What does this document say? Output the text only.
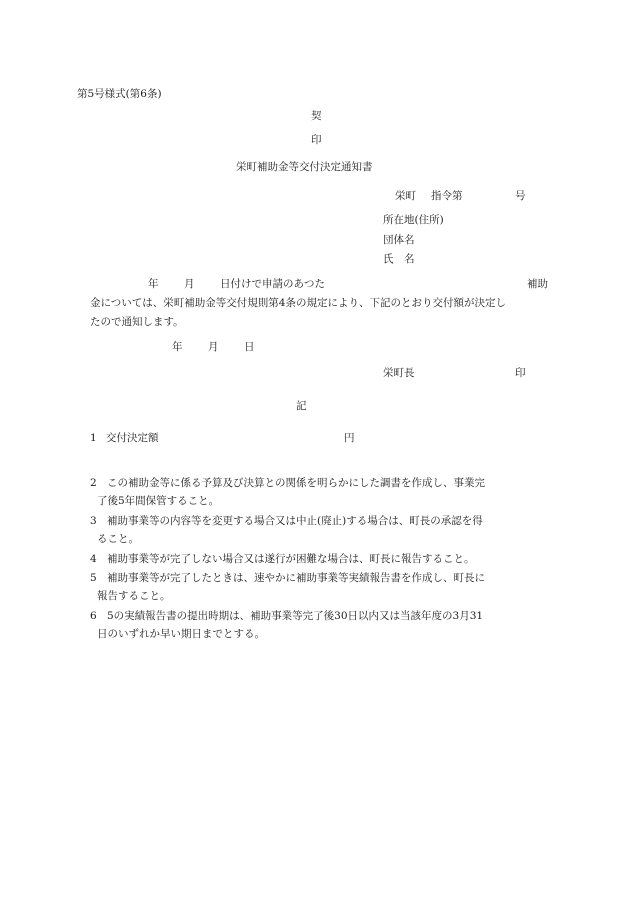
第5号様式(第6条)
契
印
栄町補助金等交付決定通知書
栄町 指令第	号
所在地(住所)
団体名
氏　名
年 月 日付けで申請のあつた	補助
金については、栄町補助金等交付規則第4条の規定により、下記のとおり交付額が決定し
たので通知します。
年 月 日
栄町長	印
記
1 交付決定額	円
2 この補助金等に係る予算及び決算との関係を明らかにした調書を作成し、事業完
了後5年間保管すること。
3 補助事業等の内容等を変更する場合又は中止(廃止)する場合は、町長の承認を得
ること。
4 補助事業等が完了しない場合又は遂行が困難な場合は、町長に報告すること。
5 補助事業等が完了したときは、速やかに補助事業等実績報告書を作成し、町長に
報告すること。
6 5の実績報告書の提出時期は、補助事業等完了後30日以内又は当該年度の3月31
日のいずれか早い期日までとする。
